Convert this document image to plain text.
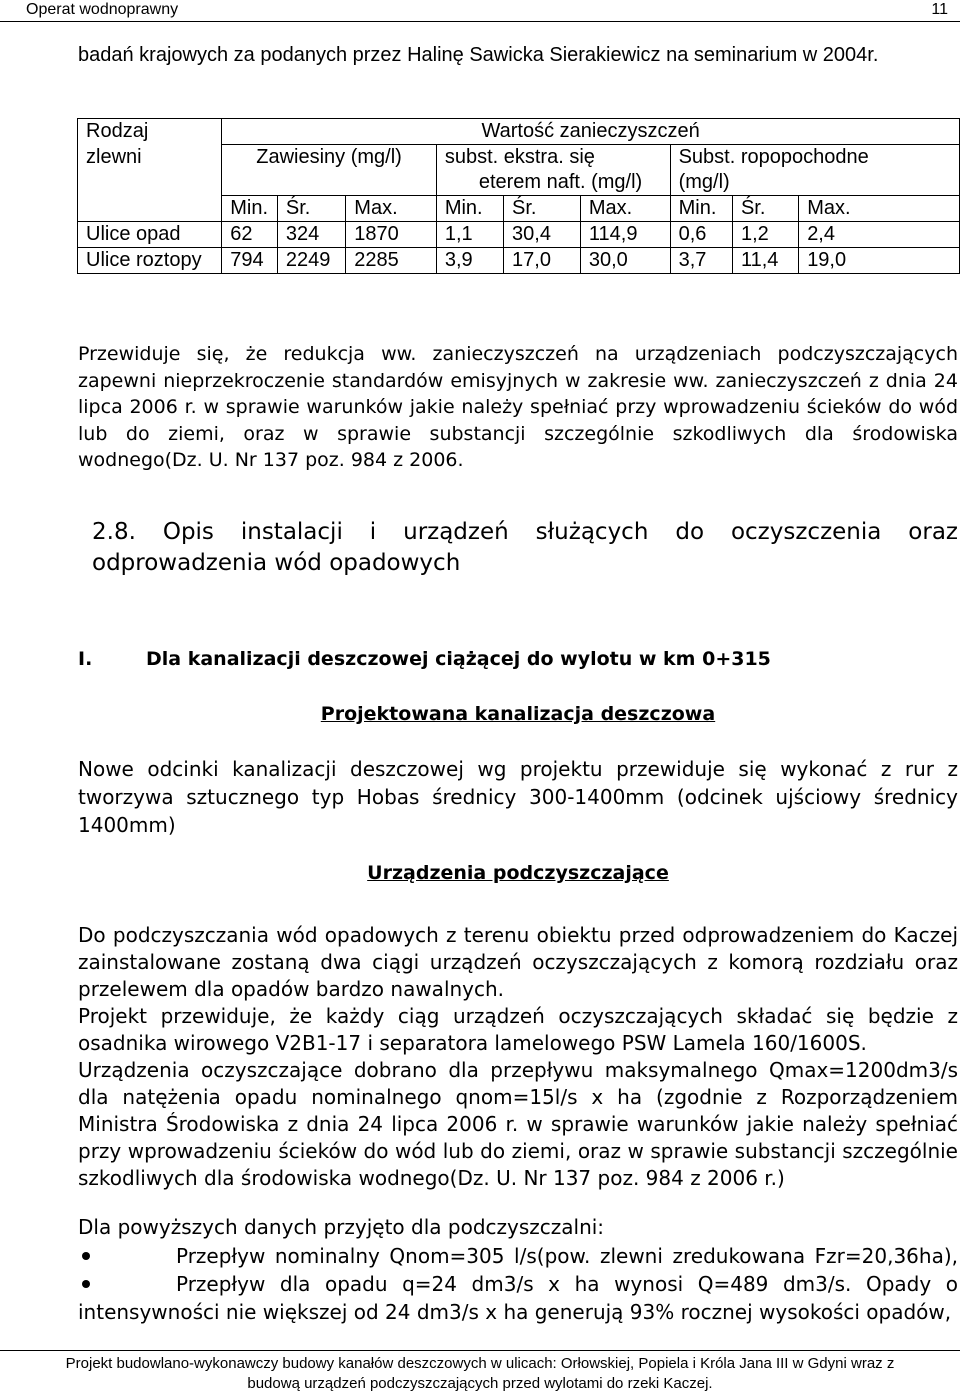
Operat wodnoprawny	11
badań krajowych za podanych przez Halinę Sawicka Sierakiewicz na seminarium w 2004r.
Rodzaj	Wartość zanieczyszczeń								
zlewni	Zawiesiny (mg/l)			subst. ekstra. się			Subst. ropopochodne		
				eterem naft. (mg/l)			(mg/l)		
	Min.	Śr.	Max.	Min.	Śr.	Max.	Min.	Śr.	Max.
Ulice opad	62	324	1870	1,1	30,4	114,9	0,6	1,2	2,4
Ulice roztopy	794	2249	2285	3,9	17,0	30,0	3,7	11,4	19,0
Przewiduje się, że redukcja ww. zanieczyszczeń na urządzeniach podczyszczających zapewni nieprzekroczenie standardów emisyjnych w zakresie ww. zanieczyszczeń z dnia 24 lipca 2006 r. w sprawie warunków jakie należy spełniać przy wprowadzeniu ścieków do wód lub do ziemi, oraz w sprawie substancji szczególnie szkodliwych dla środowiska wodnego(Dz. U. Nr 137 poz. 984 z 2006.
2.8. Opis instalacji i urządzeń służących do oczyszczenia oraz
odprowadzenia wód opadowych
I.	Dla kanalizacji deszczowej ciążącej do wylotu w km 0+315
Projektowana kanalizacja deszczowa
Nowe odcinki kanalizacji deszczowej wg projektu przewiduje się wykonać z rur z tworzywa sztucznego typ Hobas średnicy 300-1400mm (odcinek ujściowy średnicy 1400mm)
Urządzenia podczyszczające

Do podczyszczania wód opadowych z terenu obiektu przed odprowadzeniem do Kaczej zainstalowane zostaną dwa ciągi urządzeń oczyszczających z komorą rozdziału oraz przelewem dla opadów bardzo nawalnych.

Projekt przewiduje, że każdy ciąg urządzeń oczyszczających składać się będzie z osadnika wirowego V2B1-17 i separatora lamelowego PSW Lamela 160/1600S.

Urządzenia oczyszczające dobrano dla przepływu maksymalnego Qmax=1200dm3/s dla natężenia opadu nominalnego qnom=15l/s x ha (zgodnie z Rozporządzeniem Ministra Środowiska z dnia 24 lipca 2006 r. w sprawie warunków jakie należy spełniać przy wprowadzeniu ścieków do wód lub do ziemi, oraz w sprawie substancji szczególnie szkodliwych dla środowiska wodnego(Dz. U. Nr 137 poz. 984 z 2006 r.)

Dla powyższych danych przyjęto dla podczyszczalni:
Przepływ nominalny Qnom=305 l/s(pow. zlewni zredukowana Fzr=20,36ha),
Przepływ dla opadu q=24 dm3/s x ha wynosi Q=489 dm3/s. Opady o
intensywności nie większej od 24 dm3/s x ha generują 93% rocznej wysokości opadów,
Projekt budowlano-wykonawczy budowy kanałów deszczowych w ulicach: Orłowskiej, Popiela i Króla Jana III w Gdyni wraz z
budową urządzeń podczyszczających przed wylotami do rzeki Kaczej.
